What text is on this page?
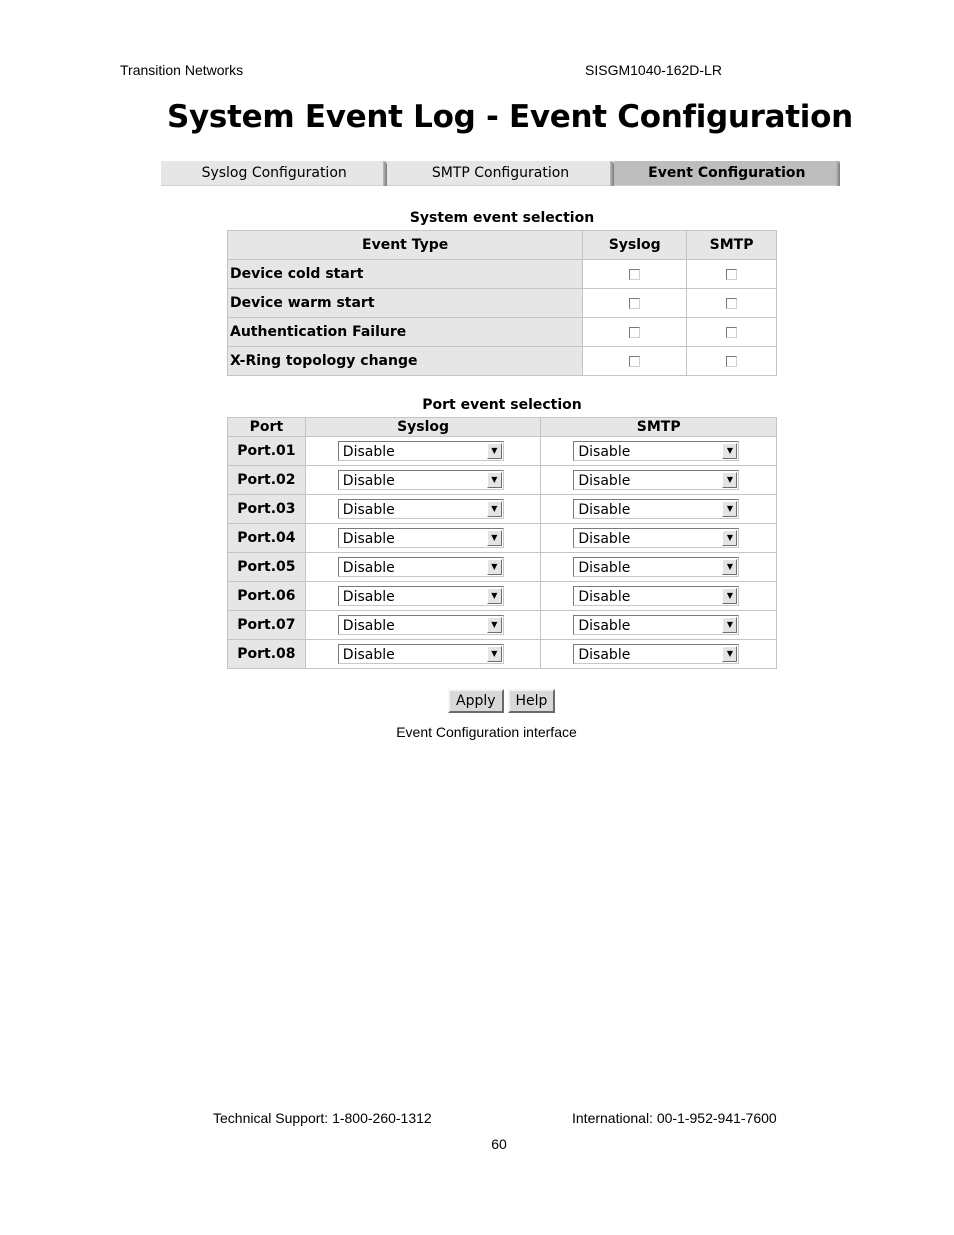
Transition Networks	SISGM1040-162D-LR
System Event Log - Event Configuration
Syslog Configuration	SMTP Configuration	Event Configuration
System event selection
Event Type	Syslog	SMTP
Device cold start		
Device warm start		
Authentication Failure		
X-Ring topology change		
Port event selection
Port	Syslog	SMTP
Port.01	Disable ▼	Disable ▼

Port.02	Disable ▼	Disable ▼

Port.03	Disable ▼	Disable ▼

Port.04	Disable ▼	Disable ▼

Port.05	Disable ▼	Disable ▼

Port.06	Disable ▼	Disable ▼

Port.07	Disable ▼	Disable ▼

Port.08	Disable ▼	Disable ▼
Apply	Help
Event Configuration interface
Technical Support: 1-800-260-1312	International: 00-1-952-941-7600
60
